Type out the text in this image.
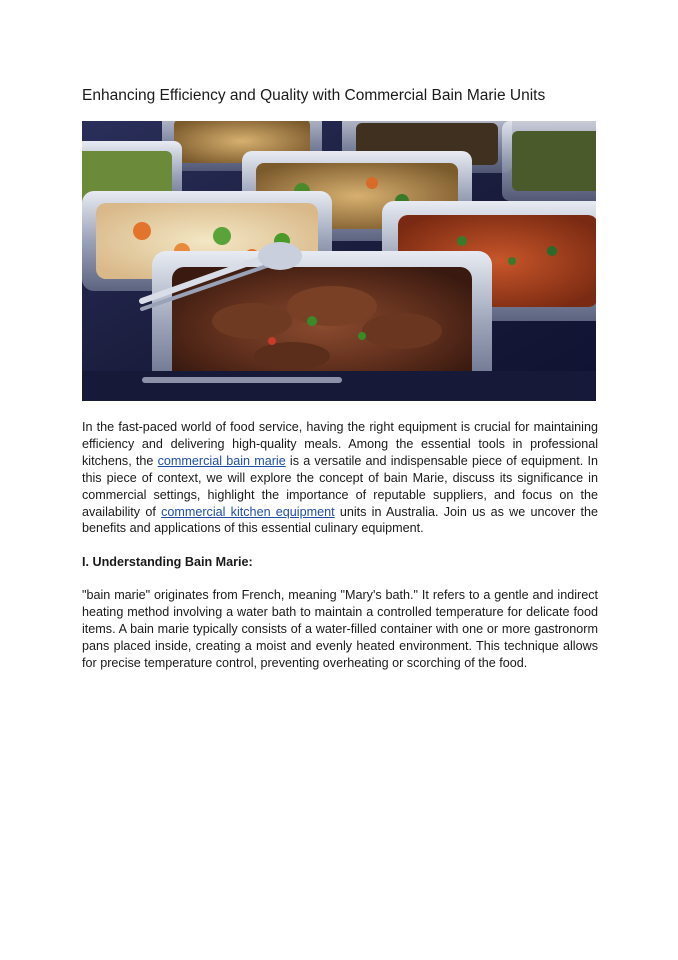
Enhancing Efficiency and Quality with Commercial Bain Marie Units

In the fast-paced world of food service, having the right equipment is crucial for maintaining efficiency and delivering high-quality meals. Among the essential tools in professional kitchens, the commercial bain marie is a versatile and indispensable piece of equipment. In this piece of context, we will explore the concept of bain Marie, discuss its significance in commercial settings, highlight the importance of reputable suppliers, and focus on the availability of commercial kitchen equipment units in Australia. Join us as we uncover the benefits and applications of this essential culinary equipment.

I. Understanding Bain Marie:

"bain marie" originates from French, meaning "Mary's bath." It refers to a gentle and indirect heating method involving a water bath to maintain a controlled temperature for delicate food items. A bain marie typically consists of a water-filled container with one or more gastronorm pans placed inside, creating a moist and evenly heated environment. This technique allows for precise temperature control, preventing overheating or scorching of the food.
